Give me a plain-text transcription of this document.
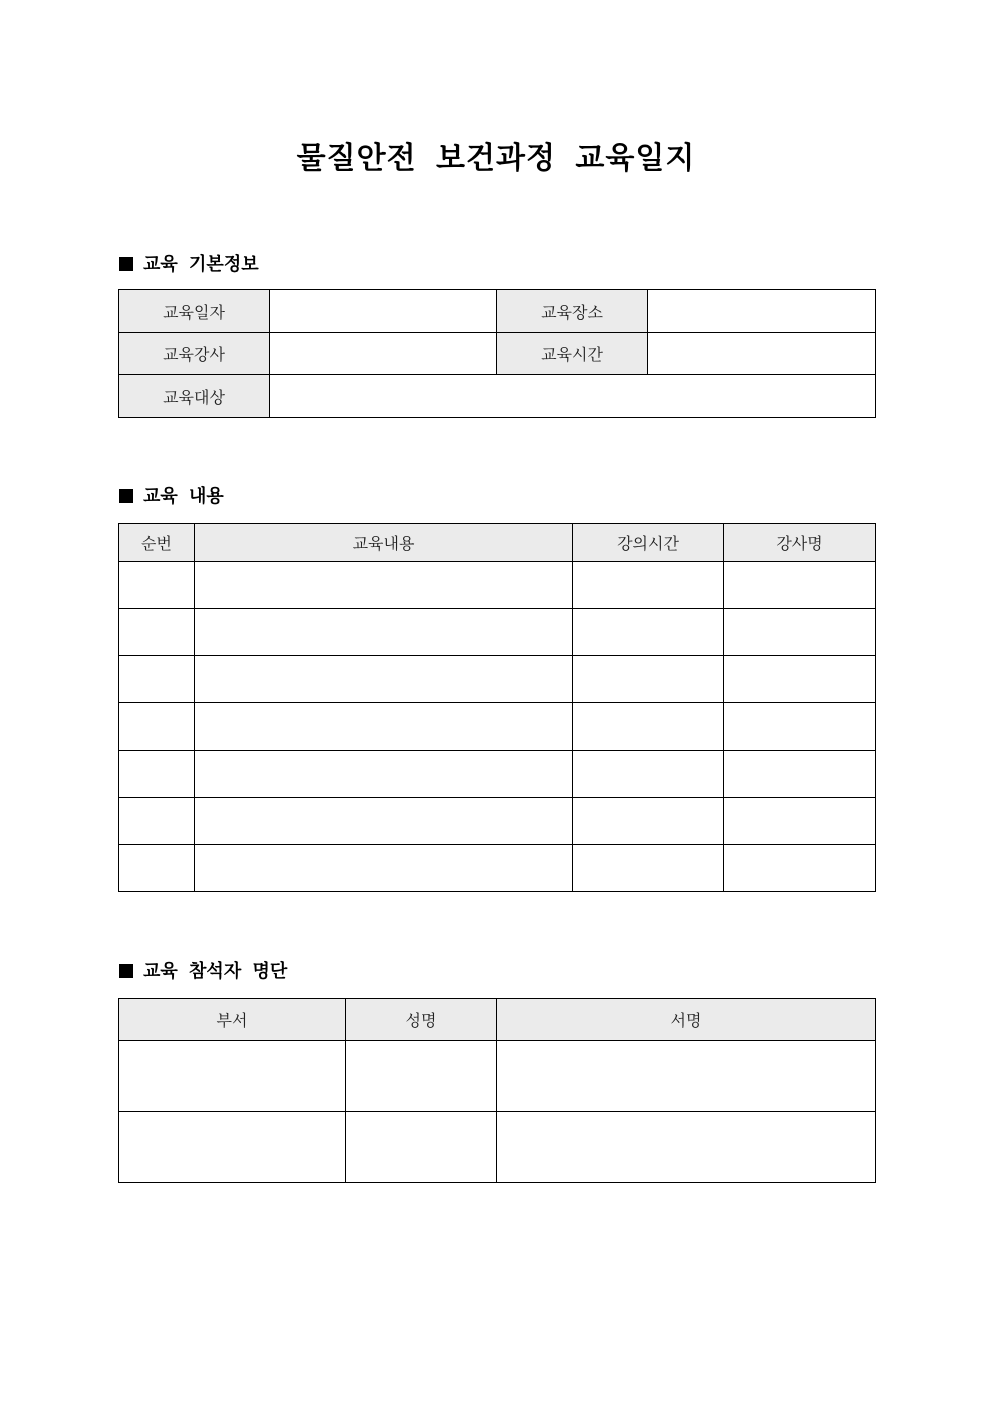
물질안전 보건과정 교육일지
교육 기본정보
교육일자		교육장소	
교육강사		교육시간	
교육대상			
교육 내용
순번	교육내용	강의시간	강사명

교육 참석자 명단
부서	성명	서명
